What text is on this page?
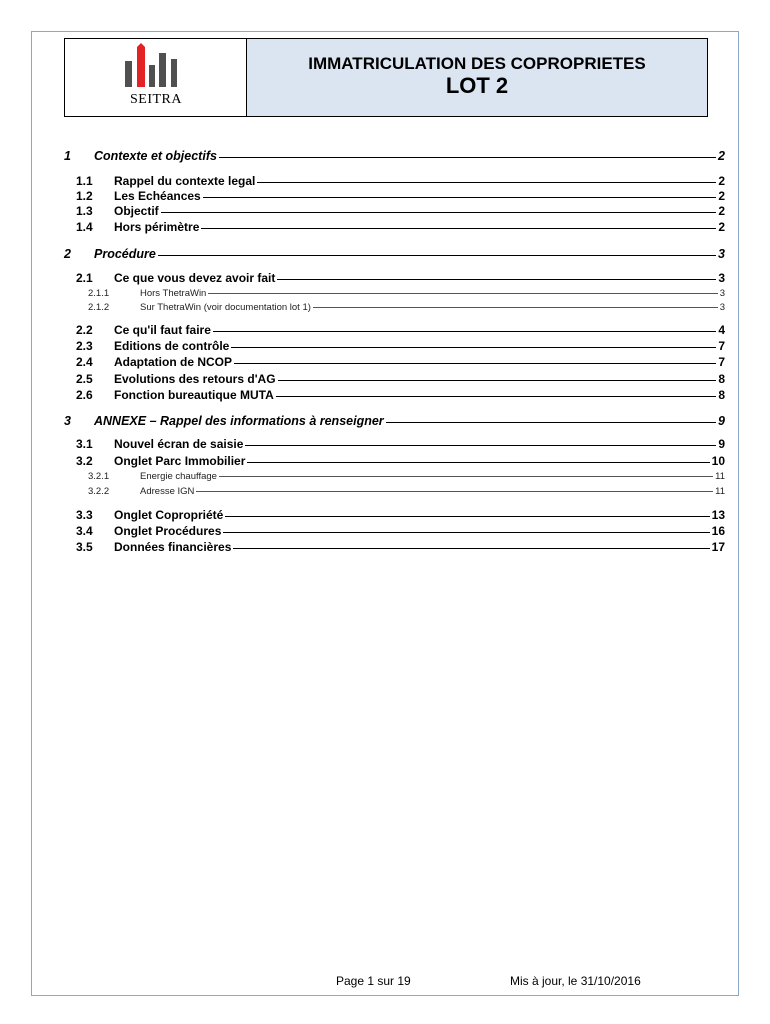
SEITRA
IMMATRICULATION DES COPROPRIETES
LOT 2
1	Contexte et objectifs	2
1.1	Rappel du contexte legal	2
1.2	Les Echéances	2
1.3	Objectif	2
1.4	Hors périmètre	2
2	Procédure	3
2.1	Ce que vous devez avoir fait	3
2.1.1	Hors ThetraWin	3
2.1.2	Sur ThetraWin (voir documentation lot 1)	3
2.2	Ce qu'il faut faire	4
2.3	Editions de contrôle	7
2.4	Adaptation de NCOP	7
2.5	Evolutions des retours d'AG	8
2.6	Fonction bureautique MUTA	8
3	ANNEXE – Rappel des informations à renseigner	9
3.1	Nouvel écran de saisie	9
3.2	Onglet Parc Immobilier	10
3.2.1	Energie chauffage	11
3.2.2	Adresse IGN	11
3.3	Onglet Copropriété	13
3.4	Onglet Procédures	16
3.5	Données financières	17
Page 1 sur 19	Mis à jour, le 31/10/2016
